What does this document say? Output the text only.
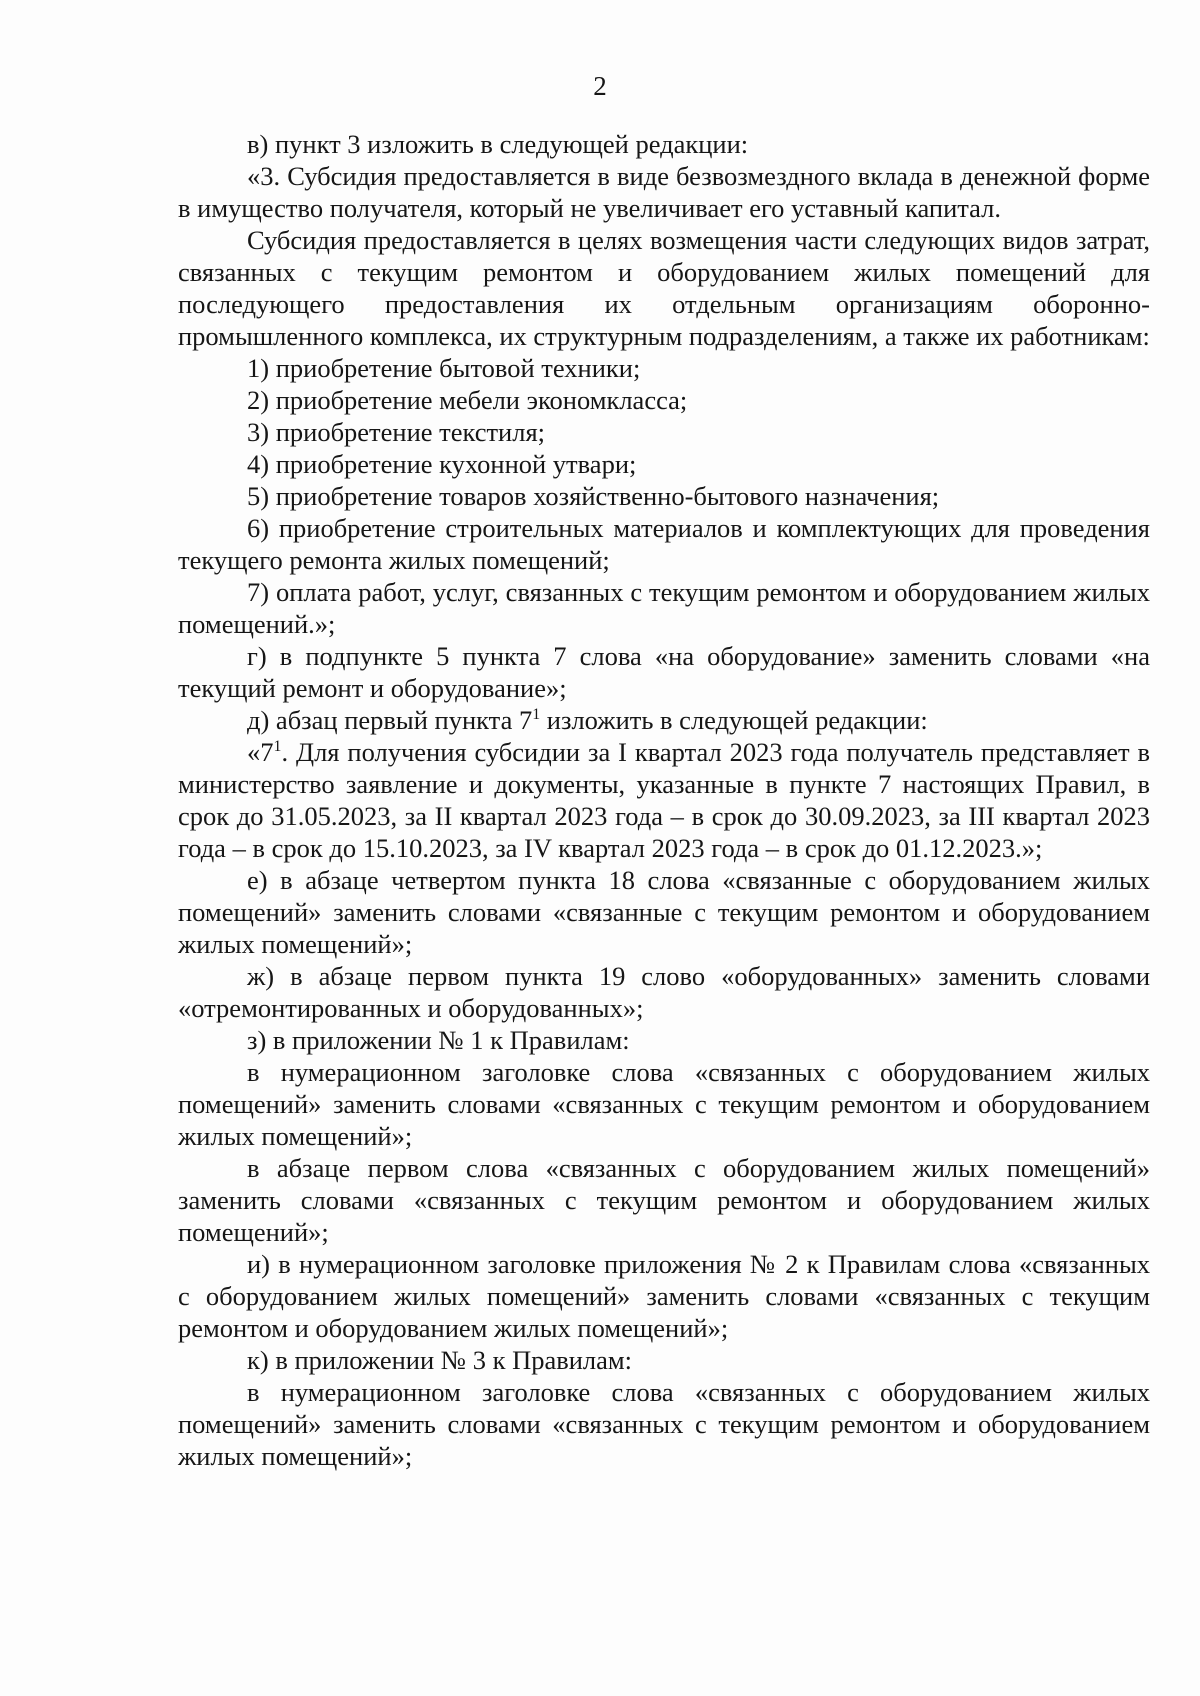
2

в) пункт 3 изложить в следующей редакции:

«3. Субсидия предоставляется в виде безвозмездного вклада в денежной форме в имущество получателя, который не увеличивает его уставный капитал.

Субсидия предоставляется в целях возмещения части следующих видов затрат, связанных с текущим ремонтом и оборудованием жилых помещений для последующего предоставления их отдельным организациям оборонно-промышленного комплекса, их структурным подразделениям, а также их работникам:

1) приобретение бытовой техники;

2) приобретение мебели экономкласса;

3) приобретение текстиля;

4) приобретение кухонной утвари;

5) приобретение товаров хозяйственно-бытового назначения;

6) приобретение строительных материалов и комплектующих для проведения текущего ремонта жилых помещений;

7) оплата работ, услуг, связанных с текущим ремонтом и оборудованием жилых помещений.»;

г) в подпункте 5 пункта 7 слова «на оборудование» заменить словами «на текущий ремонт и оборудование»;

д) абзац первый пункта $7^1$ изложить в следующей редакции:

«$7^1$. Для получения субсидии за I квартал 2023 года получатель представляет в министерство заявление и документы, указанные в пункте 7 настоящих Правил, в срок до 31.05.2023, за II квартал 2023 года – в срок до 30.09.2023, за III квартал 2023 года – в срок до 15.10.2023, за IV квартал 2023 года – в срок до 01.12.2023.»;

е) в абзаце четвертом пункта 18 слова «связанные с оборудованием жилых помещений» заменить словами «связанные с текущим ремонтом и оборудованием жилых помещений»;

ж) в абзаце первом пункта 19 слово «оборудованных» заменить словами «отремонтированных и оборудованных»;

з) в приложении № 1 к Правилам:

в нумерационном заголовке слова «связанных с оборудованием жилых помещений» заменить словами «связанных с текущим ремонтом и оборудованием жилых помещений»;

в абзаце первом слова «связанных с оборудованием жилых помещений» заменить словами «связанных с текущим ремонтом и оборудованием жилых помещений»;

и) в нумерационном заголовке приложения № 2 к Правилам слова «связанных с оборудованием жилых помещений» заменить словами «связанных с текущим ремонтом и оборудованием жилых помещений»;

к) в приложении № 3 к Правилам:

в нумерационном заголовке слова «связанных с оборудованием жилых помещений» заменить словами «связанных с текущим ремонтом и оборудованием жилых помещений»;
